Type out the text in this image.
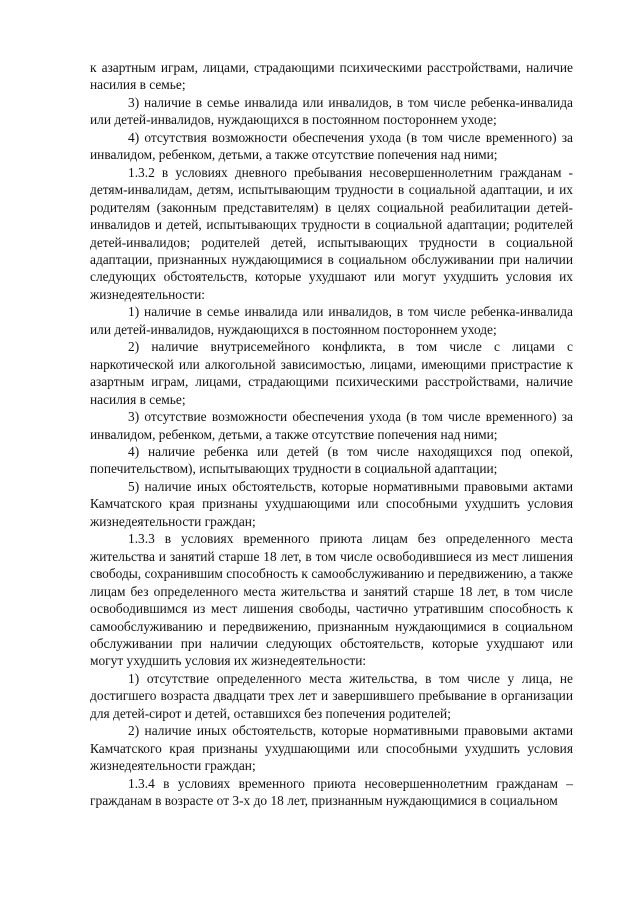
к азартным играм, лицами, страдающими психическими расстройствами, наличие насилия в семье;

3) наличие в семье инвалида или инвалидов, в том числе ребенка-инвалида или детей-инвалидов, нуждающихся в постоянном постороннем уходе;

4) отсутствия возможности обеспечения ухода (в том числе временного) за инвалидом, ребенком, детьми, а также отсутствие попечения над ними;

1.3.2 в условиях дневного пребывания несовершеннолетним гражданам - детям-инвалидам, детям, испытывающим трудности в социальной адаптации, и их родителям (законным представителям) в целях социальной реабилитации детей-инвалидов и детей, испытывающих трудности в социальной адаптации; родителей детей-инвалидов; родителей детей, испытывающих трудности в социальной адаптации, признанных нуждающимися в социальном обслуживании при наличии следующих обстоятельств, которые ухудшают или могут ухудшить условия их жизнедеятельности:

1) наличие в семье инвалида или инвалидов, в том числе ребенка-инвалида или детей-инвалидов, нуждающихся в постоянном постороннем уходе;

2) наличие внутрисемейного конфликта, в том числе с лицами с наркотической или алкогольной зависимостью, лицами, имеющими пристрастие к азартным играм, лицами, страдающими психическими расстройствами, наличие насилия в семье;

3) отсутствие возможности обеспечения ухода (в том числе временного) за инвалидом, ребенком, детьми, а также отсутствие попечения над ними;

4) наличие ребенка или детей (в том числе находящихся под опекой, попечительством), испытывающих трудности в социальной адаптации;

5) наличие иных обстоятельств, которые нормативными правовыми актами Камчатского края признаны ухудшающими или способными ухудшить условия жизнедеятельности граждан;

1.3.3 в условиях временного приюта лицам без определенного места жительства и занятий старше 18 лет, в том числе освободившиеся из мест лишения свободы, сохранившим способность к самообслуживанию и передвижению, а также лицам без определенного места жительства и занятий старше 18 лет, в том числе освободившимся из мест лишения свободы, частично утратившим способность к самообслуживанию и передвижению, признанным нуждающимися в социальном обслуживании при наличии следующих обстоятельств, которые ухудшают или могут ухудшить условия их жизнедеятельности:

1) отсутствие определенного места жительства, в том числе у лица, не достигшего возраста двадцати трех лет и завершившего пребывание в организации для детей-сирот и детей, оставшихся без попечения родителей;

2) наличие иных обстоятельств, которые нормативными правовыми актами Камчатского края признаны ухудшающими или способными ухудшить условия жизнедеятельности граждан;

1.3.4 в условиях временного приюта несовершеннолетним гражданам – гражданам в возрасте от 3-х до 18 лет, признанным нуждающимися в социальном
